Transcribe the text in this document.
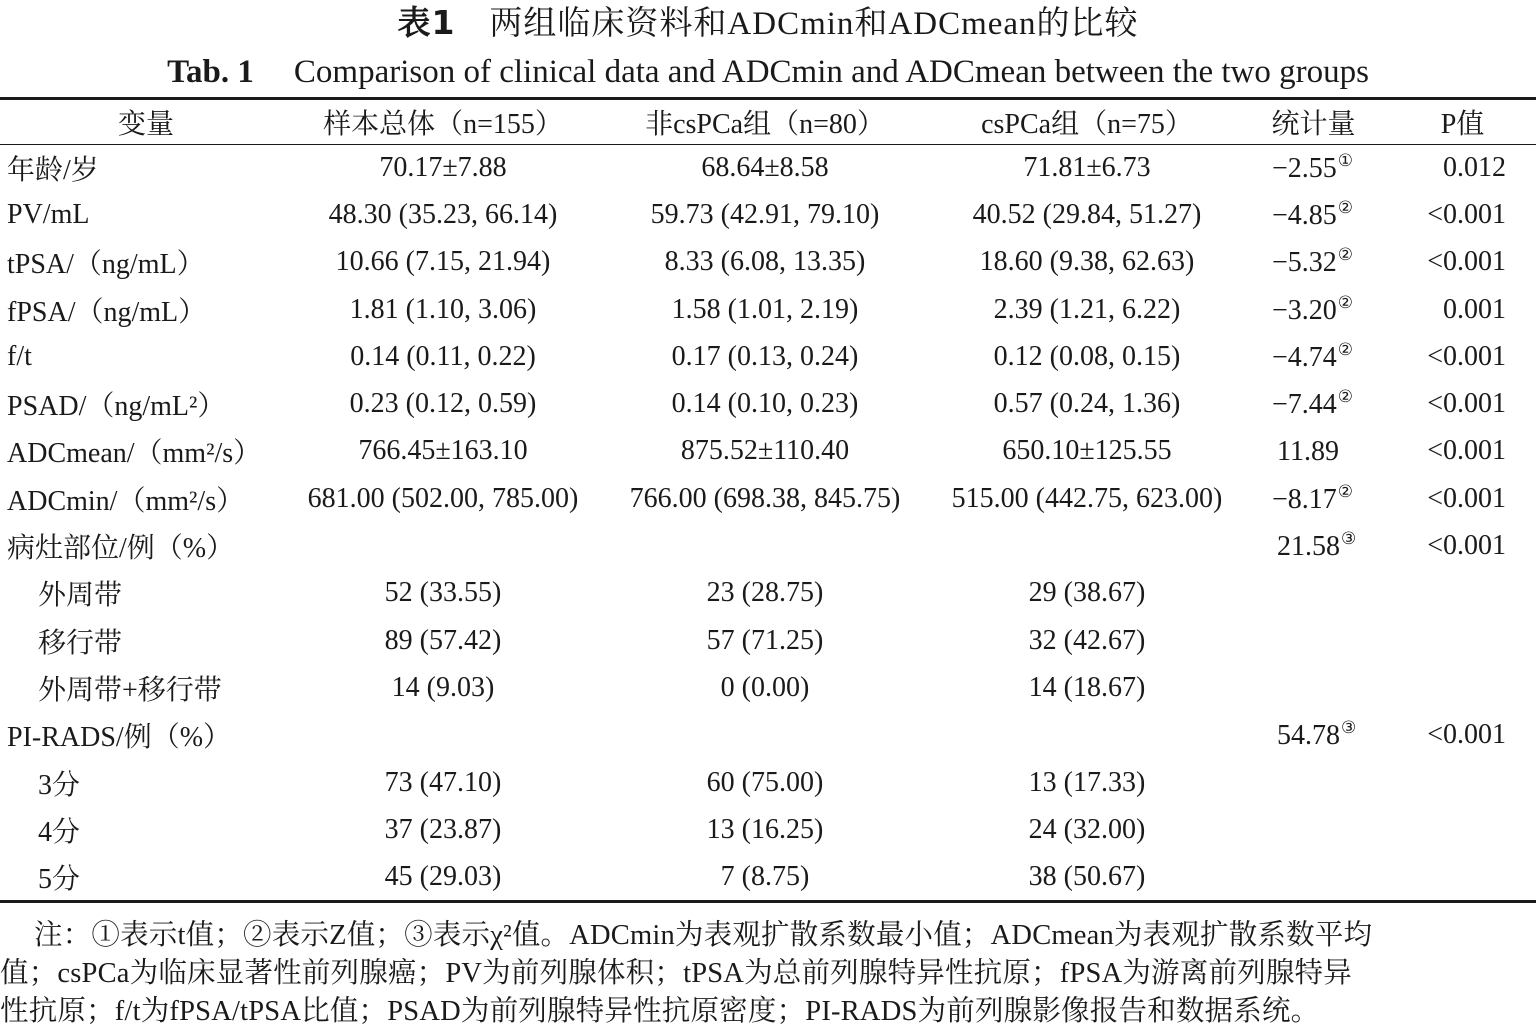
表1 两组临床资料和ADCmin和ADCmean的比较
Tab. 1 Comparison of clinical data and ADCmin and ADCmean between the two groups
变量	样本总体（n=155）	非csPCa组（n=80）	csPCa组（n=75）	统计量	P值
年龄/岁	70.17±7.88	68.64±8.58	71.81±6.73	−2.55①	0.012
PV/mL	48.30 (35.23, 66.14)	59.73 (42.91, 79.10)	40.52 (29.84, 51.27)	−4.85②	<0.001
tPSA/（ng/mL）	10.66 (7.15, 21.94)	8.33 (6.08, 13.35)	18.60 (9.38, 62.63)	−5.32②	<0.001
fPSA/（ng/mL）	1.81 (1.10, 3.06)	1.58 (1.01, 2.19)	2.39 (1.21, 6.22)	−3.20②	0.001
f/t	0.14 (0.11, 0.22)	0.17 (0.13, 0.24)	0.12 (0.08, 0.15)	−4.74②	<0.001
PSAD/（ng/mL²）	0.23 (0.12, 0.59)	0.14 (0.10, 0.23)	0.57 (0.24, 1.36)	−7.44②	<0.001
ADCmean/（mm²/s）	766.45±163.10	875.52±110.40	650.10±125.55	11.89	<0.001
ADCmin/（mm²/s）	681.00 (502.00, 785.00)	766.00 (698.38, 845.75)	515.00 (442.75, 623.00)	−8.17②	<0.001
病灶部位/例（%）				21.58③	<0.001
外周带	52 (33.55)	23 (28.75)	29 (38.67)		
移行带	89 (57.42)	57 (71.25)	32 (42.67)		
外周带+移行带	14 (9.03)	0 (0.00)	14 (18.67)		
PI-RADS/例（%）				54.78③	<0.001
3分	73 (47.10)	60 (75.00)	13 (17.33)		
4分	37 (23.87)	13 (16.25)	24 (32.00)		
5分	45 (29.03)	7 (8.75)	38 (50.67)		
注：①表示t值；②表示Z值；③表示χ²值。ADCmin为表观扩散系数最小值；ADCmean为表观扩散系数平均
值；csPCa为临床显著性前列腺癌；PV为前列腺体积；tPSA为总前列腺特异性抗原；fPSA为游离前列腺特异
性抗原；f/t为fPSA/tPSA比值；PSAD为前列腺特异性抗原密度；PI-RADS为前列腺影像报告和数据系统。
